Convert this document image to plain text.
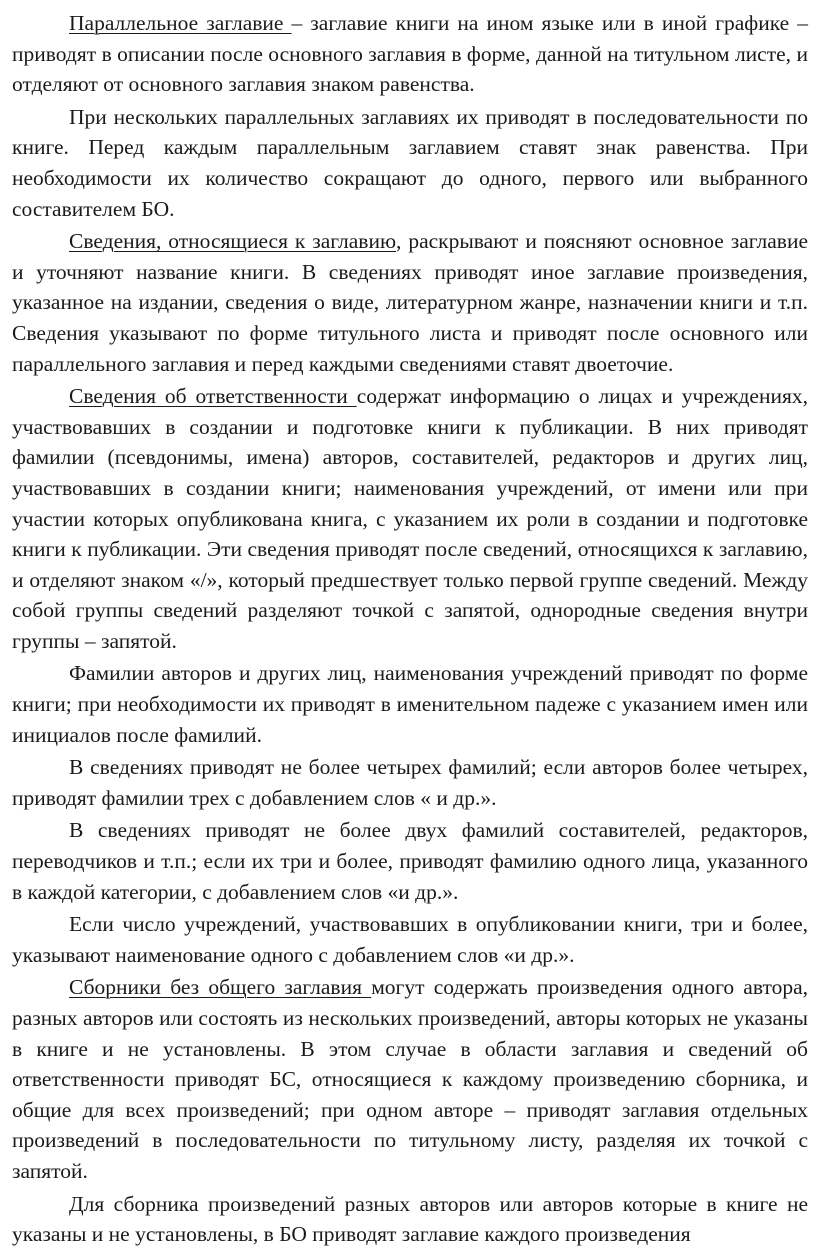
Параллельное заглавие – заглавие книги на ином языке или в иной графике – приводят в описании после основного заглавия в форме, данной на титульном листе, и отделяют от основного заглавия знаком равенства.

При нескольких параллельных заглавиях их приводят в последовательности по книге. Перед каждым параллельным заглавием ставят знак равенства. При необходимости их количество сокращают до одного, первого или выбранного составителем БО.

Сведения, относящиеся к заглавию, раскрывают и поясняют основное заглавие и уточняют название книги. В сведениях приводят иное заглавие произведения, указанное на издании, сведения о виде, литературном жанре, назначении книги и т.п. Сведения указывают по форме титульного листа и приводят после основного или параллельного заглавия и перед каждыми сведениями ставят двоеточие.

Сведения об ответственности содержат информацию о лицах и учреждениях, участвовавших в создании и подготовке книги к публикации. В них приводят фамилии (псевдонимы, имена) авторов, составителей, редакторов и других лиц, участвовавших в создании книги; наименования учреждений, от имени или при участии которых опубликована книга, с указанием их роли в создании и подготовке книги к публикации. Эти сведения приводят после сведений, относящихся к заглавию, и отделяют знаком «/», который предшествует только первой группе сведений. Между собой группы сведений разделяют точкой с запятой, однородные сведения внутри группы – запятой.

Фамилии авторов и других лиц, наименования учреждений приводят по форме книги; при необходимости их приводят в именительном падеже с указанием имен или инициалов после фамилий.

В сведениях приводят не более четырех фамилий; если авторов более четырех, приводят фамилии трех с добавлением слов « и др.».

В сведениях приводят не более двух фамилий составителей, редакторов, переводчиков и т.п.; если их три и более, приводят фамилию одного лица, указанного в каждой категории, с добавлением слов «и др.».

Если число учреждений, участвовавших в опубликовании книги, три и более, указывают наименование одного с добавлением слов «и др.».

Сборники без общего заглавия могут содержать произведения одного автора, разных авторов или состоять из нескольких произведений, авторы которых не указаны в книге и не установлены. В этом случае в области заглавия и сведений об ответственности приводят БС, относящиеся к каждому произведению сборника, и общие для всех произведений; при одном авторе – приводят заглавия отдельных произведений в последовательности по титульному листу, разделяя их точкой с запятой.

Для сборника произведений разных авторов или авторов которые в книге не указаны и не установлены, в БО приводят заглавие каждого произведения
